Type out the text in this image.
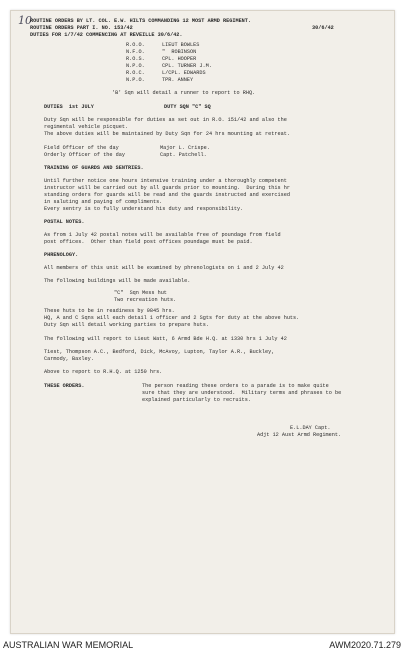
10
ROUTINE ORDERS BY LT. COL. E.W. HILTS COMMANDING 12 MOST ARMD REGIMENT.
ROUTINE ORDERS PART I. NO. 153/42	30/6/42
DUTIES FOR 1/7/42 COMMENCING AT REVEILLE 30/6/42.
R.O.O.	LIEUT BOWLES
N.F.O.	"  ROBINSON
R.O.S.	CPL. HOOPER
N.P.O.	CPL. TURNER J.M.
R.O.C.	L/CPL. EDWARDS
N.P.O.	TPR. ANNEY
'B' Sqn will detail a runner to report to RHQ.
DUTIES  1st JULY	DUTY SQN "C" SQ
Duty Sqn will be responsible for duties as set out in R.O. 151/42 and also the
regimental vehicle picquet.
The above duties will be maintained by Duty Sqn for 24 hrs mounting at retreat.
Field Officer of the day	Major L. Crispe.
Orderly Officer of the day	Capt. Patchell.
TRAINING OF GUARDS AND SENTRIES.
Until further notice one hours intensive training under a thoroughly competent
instructor will be carried out by all guards prior to mounting.  During this hr
standing orders for guards will be read and the guards instructed and exercised
in saluting and paying of compliments.
Every sentry is to fully understand his duty and responsibility.
POSTAL NOTES.
As from 1 July 42 postal notes will be available free of poundage from field
post offices.  Other than field post offices poundage must be paid.
PHRENOLOGY.
All members of this unit will be examined by phrenologists on 1 and 2 July 42
The following buildings will be made available.
"C"  Sqn Mess hut
Two recreation huts.
These huts to be in readiness by 0845 hrs.
HQ, A and C Sqns will each detail 1 officer and 2 Sgts for duty at the above huts.
Duty Sqn will detail working parties to prepare huts.
The following will report to Lieut Watt, 6 Armd Bde H.Q. at 1330 hrs 1 July 42
Tiest, Thompson A.C., Bedford, Dick, McAvoy, Lupton, Taylor A.R., Buckley,
Carmody, Baxley.
Above to report to R.H.Q. at 1250 hrs.
THESE ORDERS.	The person reading these orders to a parade is to make quite
sure that they are understood.  Military terms and phrases to be
explained particularly to recruits.
E.L.DAY Capt.
Adjt 12 Aust Armd Regiment.
AUSTRALIAN WAR MEMORIAL	AWM2020.71.279
